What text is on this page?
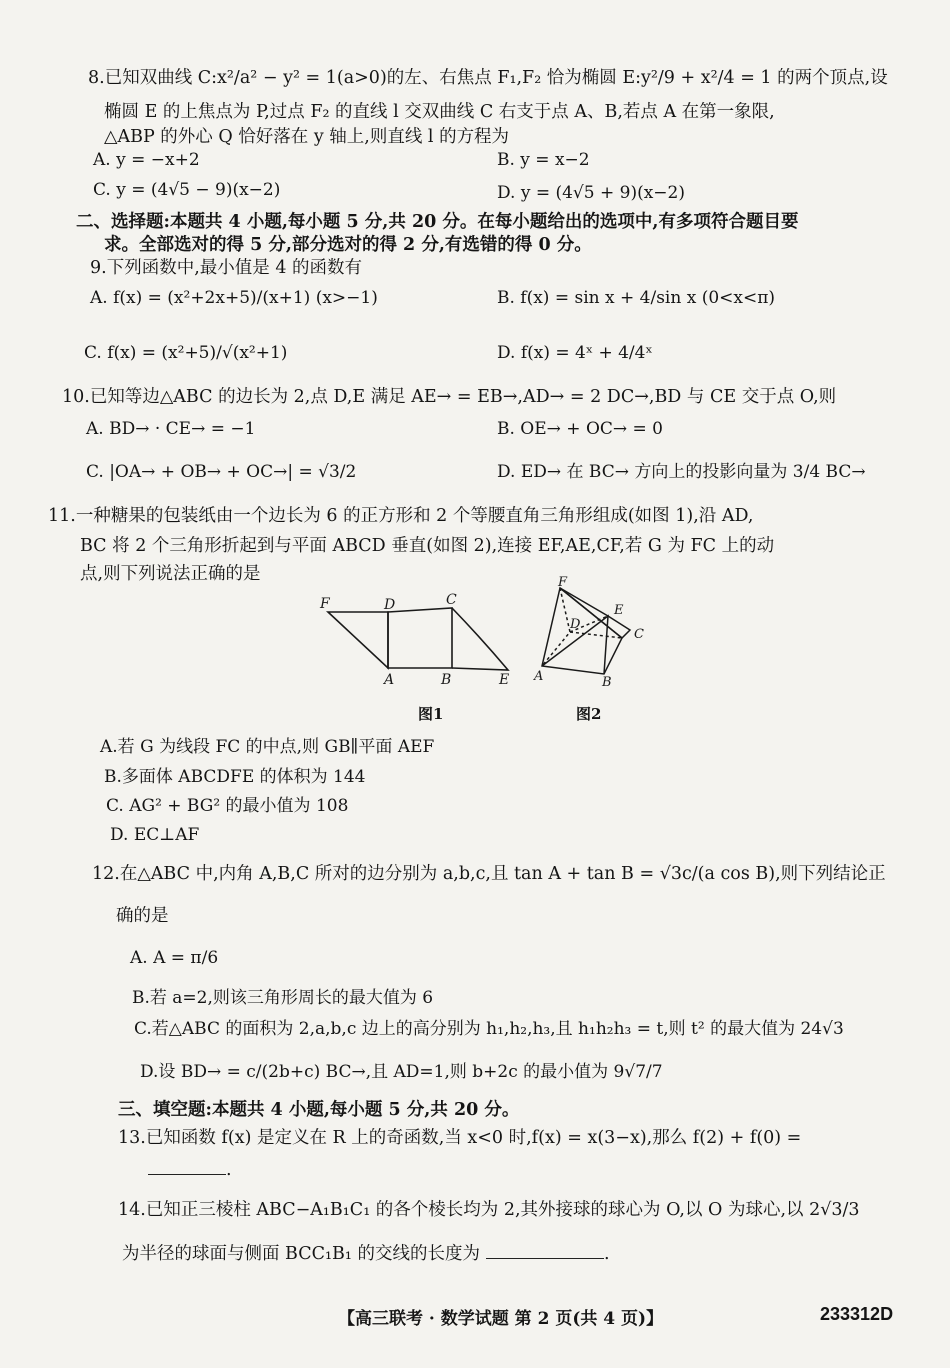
8.已知双曲线 C:x²/a² − y² = 1(a>0)的左、右焦点 F₁,F₂ 恰为椭圆 E:y²/9 + x²/4 = 1 的两个顶点,设
椭圆 E 的上焦点为 P,过点 F₂ 的直线 l 交双曲线 C 右支于点 A、B,若点 A 在第一象限,
△ABP 的外心 Q 恰好落在 y 轴上,则直线 l 的方程为
A. y = −x+2	B. y = x−2
C. y = (4√5 − 9)(x−2)	D. y = (4√5 + 9)(x−2)
二、选择题:本题共 4 小题,每小题 5 分,共 20 分。在每小题给出的选项中,有多项符合题目要
求。全部选对的得 5 分,部分选对的得 2 分,有选错的得 0 分。
9.下列函数中,最小值是 4 的函数有
A. f(x) = (x²+2x+5)/(x+1) (x>−1)	B. f(x) = sin x + 4/sin x (0<x<π)
C. f(x) = (x²+5)/√(x²+1)	D. f(x) = 4ˣ + 4/4ˣ
10.已知等边△ABC 的边长为 2,点 D,E 满足 AE→ = EB→,AD→ = 2 DC→,BD 与 CE 交于点 O,则
A. BD→ · CE→ = −1	B. OE→ + OC→ = 0
C. |OA→ + OB→ + OC→| = √3/2	D. ED→ 在 BC→ 方向上的投影向量为 3/4 BC→
11.一种糖果的包装纸由一个边长为 6 的正方形和 2 个等腰直角三角形组成(如图 1),沿 AD,
BC 将 2 个三角形折起到与平面 ABCD 垂直(如图 2),连接 EF,AE,CF,若 G 为 FC 上的动
点,则下列说法正确的是
F	D	C
A	B	E
图1
F
D
E
C
A	B
图2
A.若 G 为线段 FC 的中点,则 GB∥平面 AEF
B.多面体 ABCDFE 的体积为 144
C. AG² + BG² 的最小值为 108
D. EC⊥AF
12.在△ABC 中,内角 A,B,C 所对的边分别为 a,b,c,且 tan A + tan B = √3c/(a cos B),则下列结论正
确的是
A. A = π/6
B.若 a=2,则该三角形周长的最大值为 6
C.若△ABC 的面积为 2,a,b,c 边上的高分别为 h₁,h₂,h₃,且 h₁h₂h₃ = t,则 t² 的最大值为 24√3
D.设 BD→ = c/(2b+c) BC→,且 AD=1,则 b+2c 的最小值为 9√7/7
三、填空题:本题共 4 小题,每小题 5 分,共 20 分。
13.已知函数 f(x) 是定义在 R 上的奇函数,当 x<0 时,f(x) = x(3−x),那么 f(2) + f(0) =
.
14.已知正三棱柱 ABC−A₁B₁C₁ 的各个棱长均为 2,其外接球的球心为 O,以 O 为球心,以 2√3/3
为半径的球面与侧面 BCC₁B₁ 的交线的长度为	.
【高三联考 · 数学试题 第 2 页(共 4 页)】	233312D
